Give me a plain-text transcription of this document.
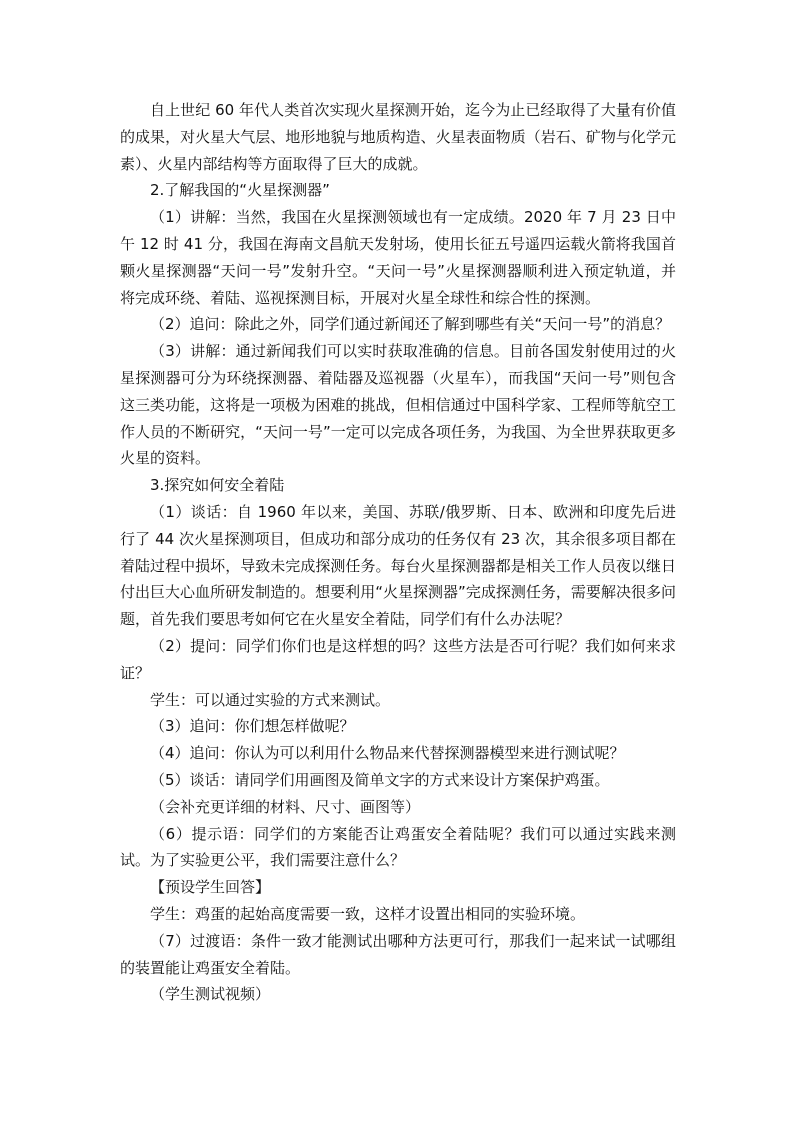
自上世纪 60 年代人类首次实现火星探测开始，迄今为止已经取得了大量有价值的成果，对火星大气层、地形地貌与地质构造、火星表面物质（岩石、矿物与化学元素）、火星内部结构等方面取得了巨大的成就。

2.了解我国的“火星探测器”

（1）讲解：当然，我国在火星探测领域也有一定成绩。2020 年 7 月 23 日中午 12 时 41 分，我国在海南文昌航天发射场，使用长征五号遥四运载火箭将我国首颗火星探测器“天问一号”发射升空。“天问一号”火星探测器顺利进入预定轨道，并将完成环绕、着陆、巡视探测目标，开展对火星全球性和综合性的探测。

（2）追问：除此之外，同学们通过新闻还了解到哪些有关“天问一号”的消息？

（3）讲解：通过新闻我们可以实时获取准确的信息。目前各国发射使用过的火星探测器可分为环绕探测器、着陆器及巡视器（火星车），而我国“天问一号”则包含这三类功能，这将是一项极为困难的挑战，但相信通过中国科学家、工程师等航空工作人员的不断研究，“天问一号”一定可以完成各项任务，为我国、为全世界获取更多火星的资料。

3.探究如何安全着陆

（1）谈话：自 1960 年以来，美国、苏联/俄罗斯、日本、欧洲和印度先后进行了 44 次火星探测项目，但成功和部分成功的任务仅有 23 次，其余很多项目都在着陆过程中损坏，导致未完成探测任务。每台火星探测器都是相关工作人员夜以继日付出巨大心血所研发制造的。想要利用“火星探测器”完成探测任务，需要解决很多问题，首先我们要思考如何它在火星安全着陆，同学们有什么办法呢？

（2）提问：同学们你们也是这样想的吗？这些方法是否可行呢？我们如何来求证？

学生：可以通过实验的方式来测试。

（3）追问：你们想怎样做呢？

（4）追问：你认为可以利用什么物品来代替探测器模型来进行测试呢？

（5）谈话：请同学们用画图及简单文字的方式来设计方案保护鸡蛋。

（会补充更详细的材料、尺寸、画图等）

（6）提示语：同学们的方案能否让鸡蛋安全着陆呢？我们可以通过实践来测试。为了实验更公平，我们需要注意什么？

【预设学生回答】

学生：鸡蛋的起始高度需要一致，这样才设置出相同的实验环境。

（7）过渡语：条件一致才能测试出哪种方法更可行，那我们一起来试一试哪组的装置能让鸡蛋安全着陆。

（学生测试视频）
